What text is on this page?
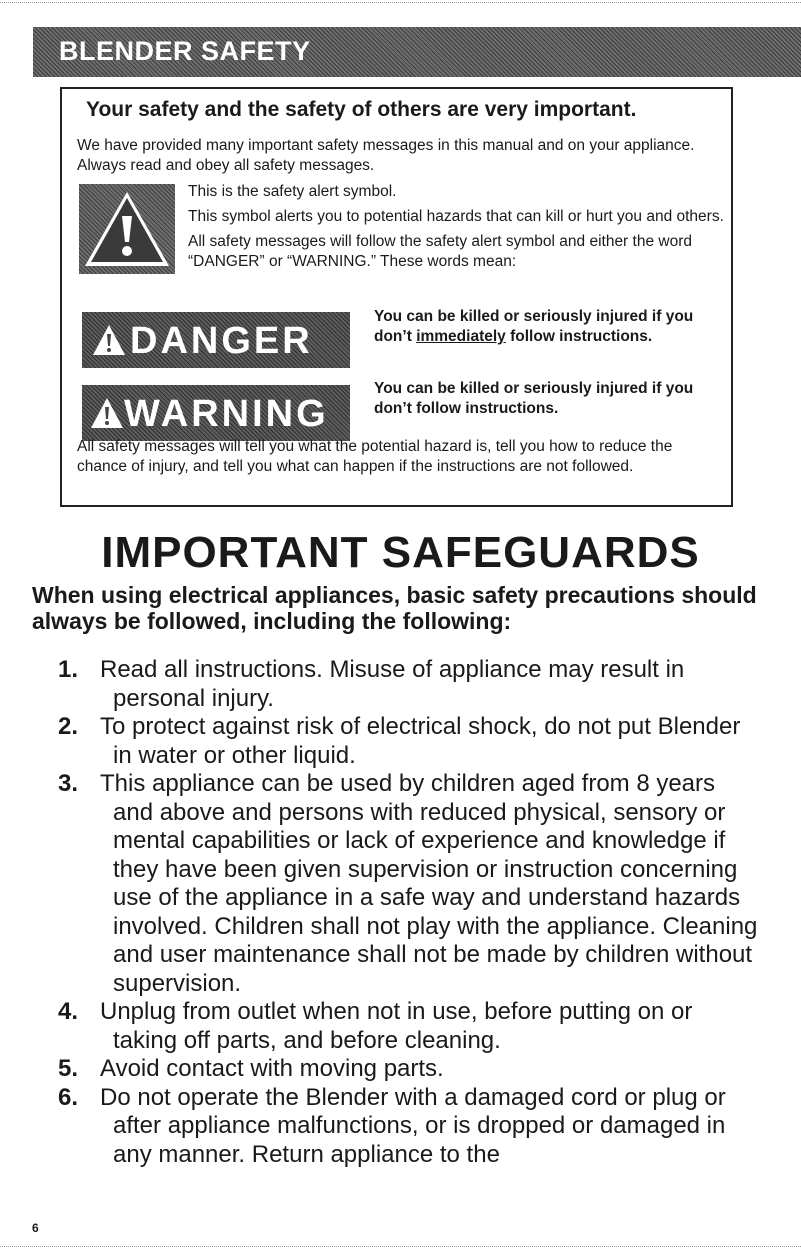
BLENDER SAFETY
Your safety and the safety of others are very important.
We have provided many important safety messages in this manual and on your appliance. Always read and obey all safety messages.

This is the safety alert symbol.

This symbol alerts you to potential hazards that can kill or hurt you and others.

All safety messages will follow the safety alert symbol and either the word “DANGER” or “WARNING.” These words mean:

DANGER
You can be killed or seriously injured if you don’t immediately follow instructions.
WARNING
You can be killed or seriously injured if you don’t follow instructions.
All safety messages will tell you what the potential hazard is, tell you how to reduce the chance of injury, and tell you what can happen if the instructions are not followed.
IMPORTANT SAFEGUARDS
When using electrical appliances, basic safety precautions should always be followed, including the following:
1. Read all instructions. Misuse of appliance may result in personal injury.
2. To protect against risk of electrical shock, do not put Blender in water or other liquid.
3. This appliance can be used by children aged from 8 years and above and persons with reduced physical, sensory or mental capabilities or lack of experience and knowledge if they have been given supervision or instruction concerning use of the appliance in a safe way and understand hazards involved. Children shall not play with the appliance. Cleaning and user maintenance shall not be made by children without supervision.
4. Unplug from outlet when not in use, before putting on or taking off parts, and before cleaning.
5. Avoid contact with moving parts.
6. Do not operate the Blender with a damaged cord or plug or after appliance malfunctions, or is dropped or damaged in any manner. Return appliance to the
6
